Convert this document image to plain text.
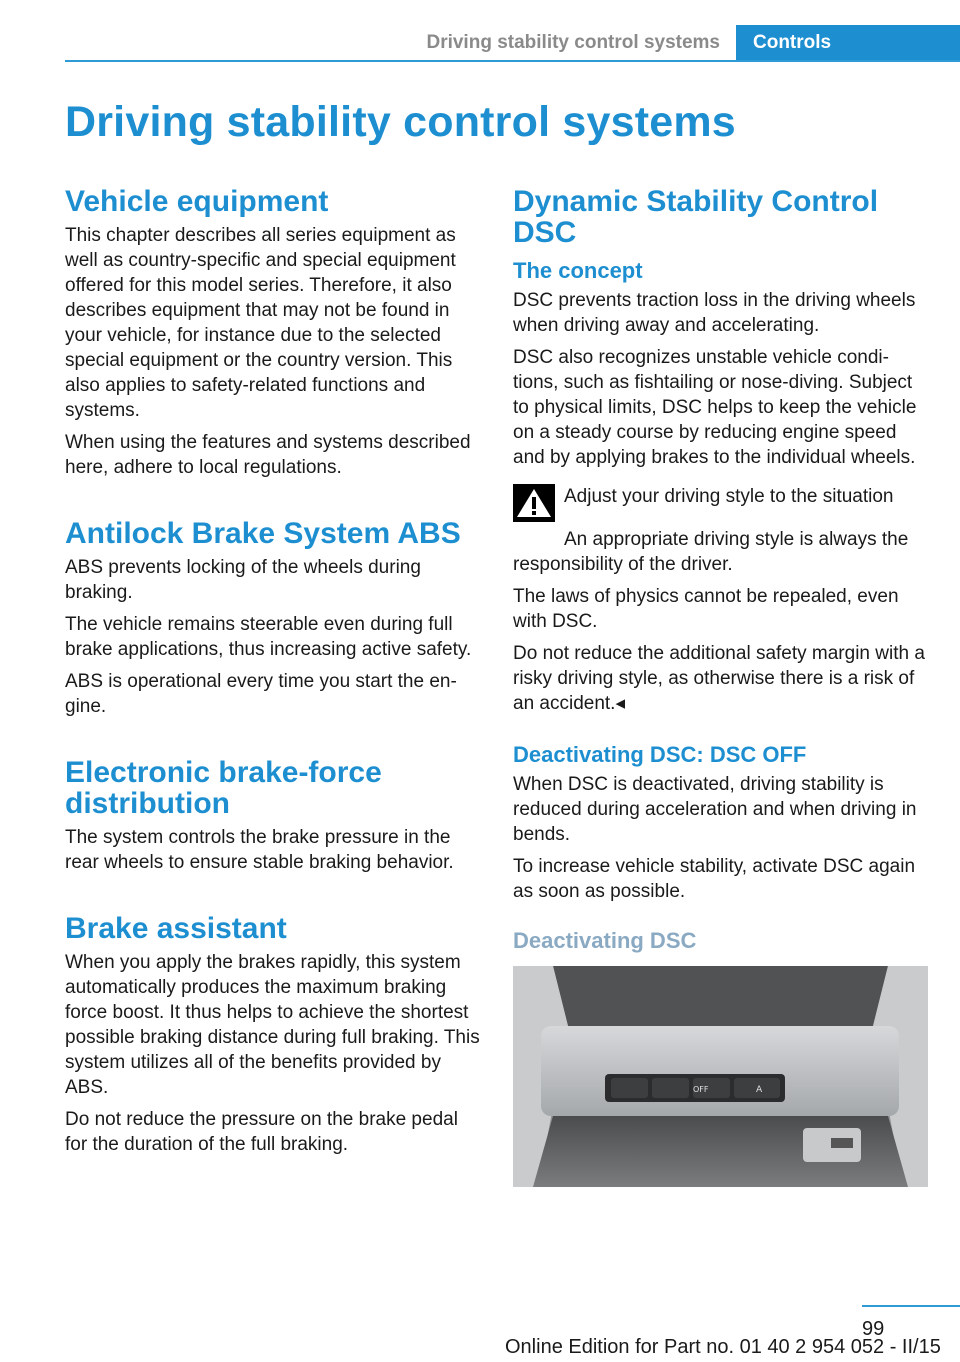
Driving stability control systems	Controls
Driving stability control systems
Vehicle equipment

This chapter describes all series equipment as well as country-specific and special equipment offered for this model series. Therefore, it also describes equipment that may not be found in your vehicle, for instance due to the selected special equipment or the country version. This also applies to safety-related functions and systems.

When using the features and systems described here, adhere to local regulations.

Antilock Brake System ABS

ABS prevents locking of the wheels during braking.

The vehicle remains steerable even during full brake applications, thus increasing active safety.

ABS is operational every time you start the engine.

Electronic brake-force distribution

The system controls the brake pressure in the rear wheels to ensure stable braking behavior.

Brake assistant

When you apply the brakes rapidly, this system automatically produces the maximum braking force boost. It thus helps to achieve the shortest possible braking distance during full braking. This system utilizes all of the benefits provided by ABS.

Do not reduce the pressure on the brake pedal for the duration of the full braking.

Dynamic Stability Control DSC
The concept

DSC prevents traction loss in the driving wheels when driving away and accelerating.

DSC also recognizes unstable vehicle conditions, such as fishtailing or nose-diving. Subject to physical limits, DSC helps to keep the vehicle on a steady course by reducing engine speed and by applying brakes to the individual wheels.

Adjust your driving style to the situation

An appropriate driving style is always the responsibility of the driver.

The laws of physics cannot be repealed, even with DSC.

Do not reduce the additional safety margin with a risky driving style, as otherwise there is a risk of an accident.◂

Deactivating DSC: DSC OFF

When DSC is deactivated, driving stability is reduced during acceleration and when driving in bends.

To increase vehicle stability, activate DSC again as soon as possible.

Deactivating DSC
OFF	A
99
Online Edition for Part no. 01 40 2 954 052 - II/15
